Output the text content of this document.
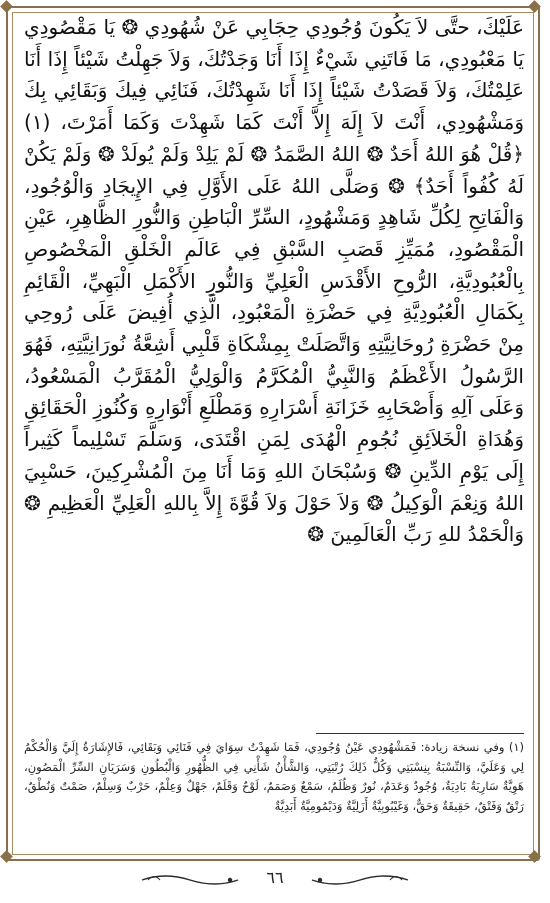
عَلَيْكَ، حتَّى لاَ يَكُونَ وُجُودِي حِجَابِي عَنْ شُهُودِي ❂ يَا مَقْصُودِي يَا مَعْبُودِي، مَا فَاتَنِي شَيْءٌ إِذَا أَنَا وَجَدْتُكَ، وَلاَ جَهِلْتُ شَيْئاً إِذَا أَنَا عَلِمْتُكَ، وَلاَ قَصَدْتُ شَيْئاً إِذَا أَنَا شَهِدْتُكَ، فَنَائِي فِيكَ وَبَقَائِي بِكَ وَمَشْهُودِي، أَنْتَ لاَ إِلَهَ إِلاَّ أَنْتَ كَمَا شَهِدْتَ وَكَمَا أَمَرْتَ، (١) ﴿قُلْ هُوَ اللهُ أَحَدٌ ❂ اللهُ الصَّمَدُ ❂ لَمْ يَلِدْ وَلَمْ يُولَدْ ❂ وَلَمْ يَكُنْ لَهُ كُفُواً أَحَدٌ﴾ ❂ وَصَلَّى اللهُ عَلَى الأَوَّلِ فِي الإِيجَادِ وَالْوُجُودِ، وَالْفَاتِحِ لِكُلِّ شَاهِدٍ وَمَشْهُودٍ، السِّرِّ الْبَاطِنِ وَالنُّورِ الظَّاهِرِ، عَيْنِ الْمَقْصُودِ، مُمَيِّزِ قَصَبِ السَّبْقِ فِي عَالَمِ الْخَلْقِ الْمَخْصُوصِ بِالْعُبُودِيَّةِ، الرُّوحِ الأَقْدَسِ الْعَلِيِّ وَالنُّورِ الأَكْمَلِ الْبَهِيِّ، الْقَائِمِ بِكَمَالِ الْعُبُودِيَّةِ فِي حَضْرَةِ الْمَعْبُودِ، الَّذِي أُفِيضَ عَلَى رُوحِي مِنْ حَضْرَةِ رُوحَانِيَّتِهِ وَاتَّصَلَتْ بِمِشْكَاةِ قَلْبِي أَشِعَّةُ نُورَانِيَّتِهِ، فَهُوَ الرَّسُولُ الأَعْظَمُ وَالنَّبِيُّ الْمُكَرَّمُ وَالْوَلِيُّ الْمُقَرَّبُ الْمَسْعُودُ، وَعَلَى آلِهِ وَأَصْحَابِهِ خَزَانَةِ أَسْرَارِهِ وَمَطْلَعِ أَنْوَارِهِ وَكُنُوزِ الْحَقَائِقِ وَهُدَاةِ الْخَلاَئِقِ نُجُومِ الْهُدَى لِمَنِ اقْتَدَى، وَسَلَّمَ تَسْلِيماً كَثِيراً إِلَى يَوْمِ الدِّينِ ❂ وَسُبْحَانَ اللهِ وَمَا أَنَا مِنَ الْمُشْرِكِينَ، حَسْبِيَ اللهُ وَنِعْمَ الْوَكِيلُ ❂ وَلاَ حَوْلَ وَلاَ قُوَّةَ إِلاَّ بِاللهِ الْعَلِيِّ الْعَظِيمِ ❂ وَالْحَمْدُ للهِ رَبِّ الْعَالَمِينَ ❂

(١) وفي نسخة زيادة: فَمَشْهُودِي عَيْنُ وُجُودِي، فَمَا شَهِدْتُ سِوَايَ فِي فَنَائِي وَبَقَائِي، فَالإِشَارَةُ إِلَيَّ وَالْحُكْمُ لِي وَعَلَيَّ، وَالنِّسْبَةُ بِنِسْبَتِي وَكُلُّ ذَلِكَ رُتْبَتِي، وَالشَّأْنُ شَأْنِي فِي الظُّهُورِ وَالْبُطُونِ وَسَرَيَانِ السِّرِّ الْمَصُونِ، هَوِيَّةٌ سَارِيَةٌ بَادِيَةٌ، وُجُودٌ وَعَدَمٌ، نُورٌ وَظُلَمٌ، سَمْعٌ وَصَمَمٌ، لَوْحٌ وَقَلَمٌ، جَهْلٌ وَعِلْمٌ، حَرْبٌ وَسِلْمٌ، صَمْتٌ وَنُطْقٌ، رَتْقٌ وَفَتْقٌ، حَقِيقَةٌ وَحَقٌّ، وَغَيْبُوبِيَّةٌ أَزَلِيَّةٌ وَدَيْمُومِيَّةٌ أَبَدِيَّةٌ

٦٦
